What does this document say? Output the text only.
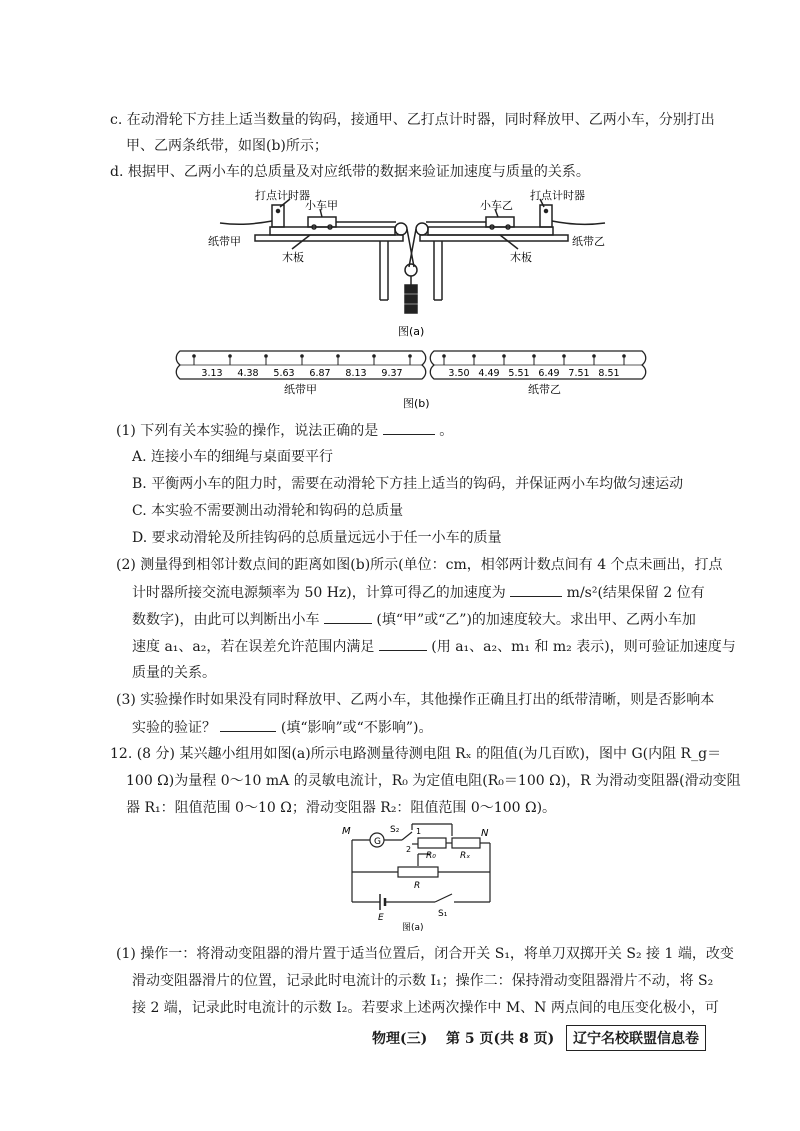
c. 在动滑轮下方挂上适当数量的钩码，接通甲、乙打点计时器，同时释放甲、乙两小车，分别打出
甲、乙两条纸带，如图(b)所示；
d. 根据甲、乙两小车的总质量及对应纸带的数据来验证加速度与质量的关系。
打点计时器
小车甲
纸带甲
木板
打点计时器
小车乙
纸带乙
木板
图(a)
3.13 4.38 5.63 6.87 8.13 9.37	3.50 4.49 5.51 6.49 7.51 8.51
纸带甲	纸带乙
图(b)
(1) 下列有关本实验的操作，说法正确的是	。
A. 连接小车的细绳与桌面要平行
B. 平衡两小车的阻力时，需要在动滑轮下方挂上适当的钩码，并保证两小车均做匀速运动
C. 本实验不需要测出动滑轮和钩码的总质量
D. 要求动滑轮及所挂钩码的总质量远远小于任一小车的质量
(2) 测量得到相邻计数点间的距离如图(b)所示(单位：cm，相邻两计数点间有 4 个点未画出，打点
计时器所接交流电源频率为 50 Hz)，计算可得乙的加速度为	m/s²(结果保留 2 位有
数数字)，由此可以判断出小车	(填“甲”或“乙”)的加速度较大。求出甲、乙两小车加
速度 a₁、a₂，若在误差允许范围内满足	(用 a₁、a₂、m₁ 和 m₂ 表示)，则可验证加速度与
质量的关系。
(3) 实验操作时如果没有同时释放甲、乙两小车，其他操作正确且打出的纸带清晰，则是否影响本
实验的验证？	(填“影响”或“不影响”)。
12. (8 分) 某兴趣小组用如图(a)所示电路测量待测电阻 Rₓ 的阻值(为几百欧)，图中 G(内阻 R_g＝
100 Ω)为量程 0～10 mA 的灵敏电流计，R₀ 为定值电阻(R₀＝100 Ω)，R 为滑动变阻器(滑动变阻
器 R₁：阻值范围 0～10 Ω；滑动变阻器 R₂：阻值范围 0～100 Ω)。
M
G
S₂ 1
2
R₀	Rₓ
N
R
E	S₁
图(a)
(1) 操作一：将滑动变阻器的滑片置于适当位置后，闭合开关 S₁，将单刀双掷开关 S₂ 接 1 端，改变
滑动变阻器滑片的位置，记录此时电流计的示数 I₁；操作二：保持滑动变阻器滑片不动，将 S₂
接 2 端，记录此时电流计的示数 I₂。若要求上述两次操作中 M、N 两点间的电压变化极小，可
物理(三) 第 5 页(共 8 页)	辽宁名校联盟信息卷
